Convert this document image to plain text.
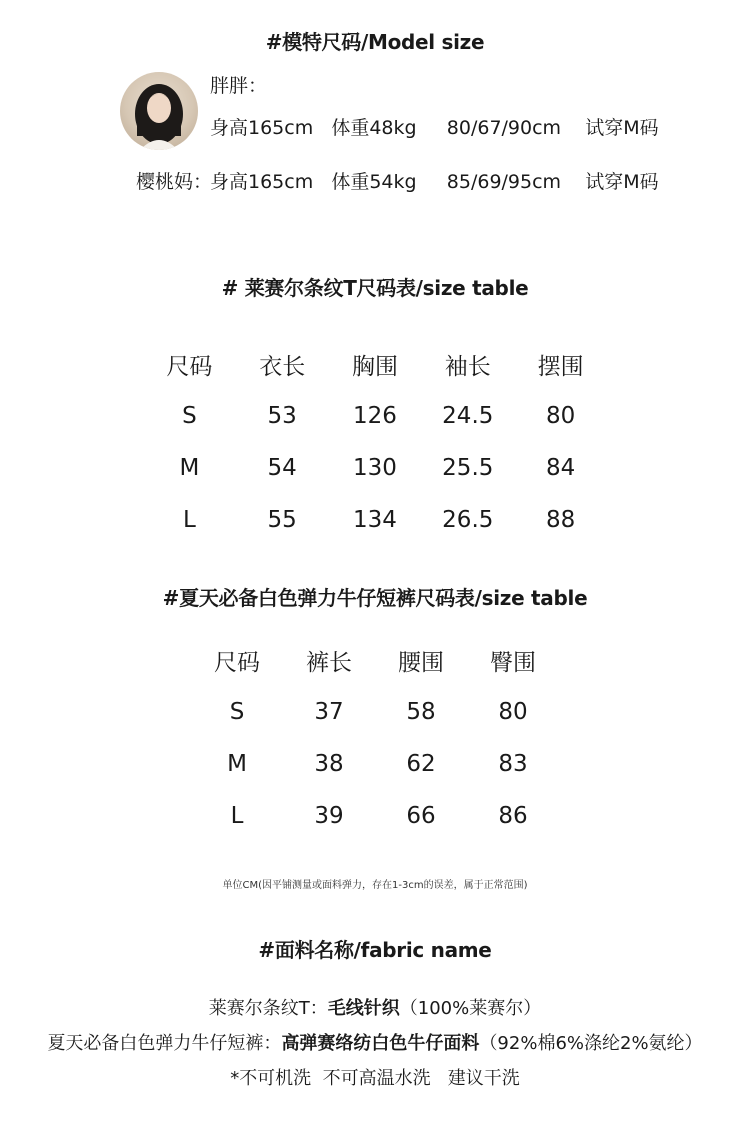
#模特尺码/Model size
胖胖：
身高165cm   体重48kg     80/67/90cm    试穿M码
樱桃妈：
身高165cm   体重54kg     85/69/95cm    试穿M码
# 莱赛尔条纹T尺码表/size table
尺码	衣长	胸围	袖长	摆围
S	53	126	24.5	80
M	54	130	25.5	84
L	55	134	26.5	88
#夏天必备白色弹力牛仔短裤尺码表/size table
尺码	裤长	腰围	臀围
S	37	58	80
M	38	62	83
L	39	66	86
单位CM(因平铺测量或面料弹力，存在1-3cm的误差，属于正常范围)
#面料名称/fabric name
莱赛尔条纹T：毛线针织（100%莱赛尔）
夏天必备白色弹力牛仔短裤：高弹赛络纺白色牛仔面料（92%棉6%涤纶2%氨纶）
*不可机洗  不可高温水洗   建议干洗
